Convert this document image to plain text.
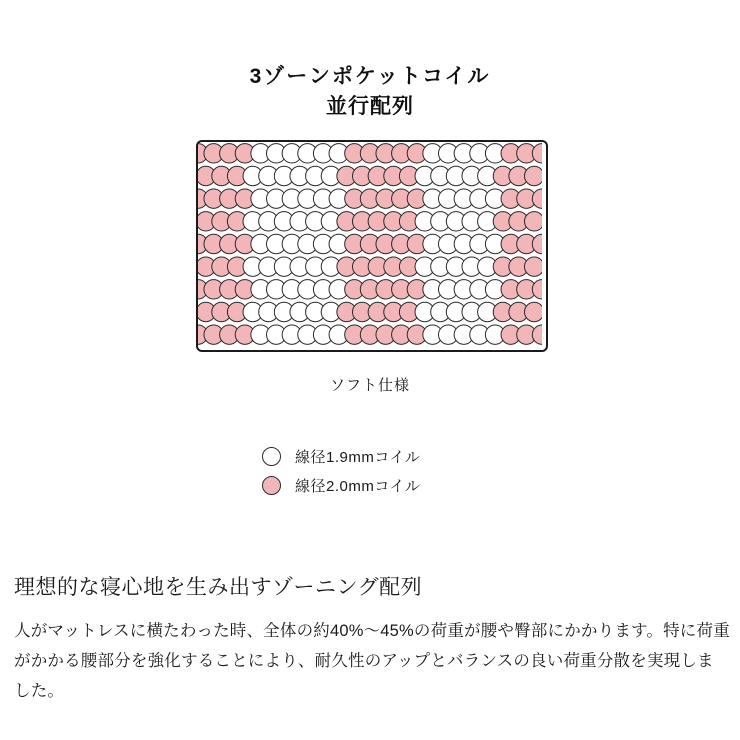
3ゾーンポケットコイル
並行配列
ソフト仕様
線径1.9mmコイル
線径2.0mmコイル
理想的な寝心地を生み出すゾーニング配列
人がマットレスに横たわった時、全体の約40%〜45%の荷重が腰や臀部にかかります。特に荷重がかかる腰部分を強化することにより、耐久性のアップとバランスの良い荷重分散を実現しました。
